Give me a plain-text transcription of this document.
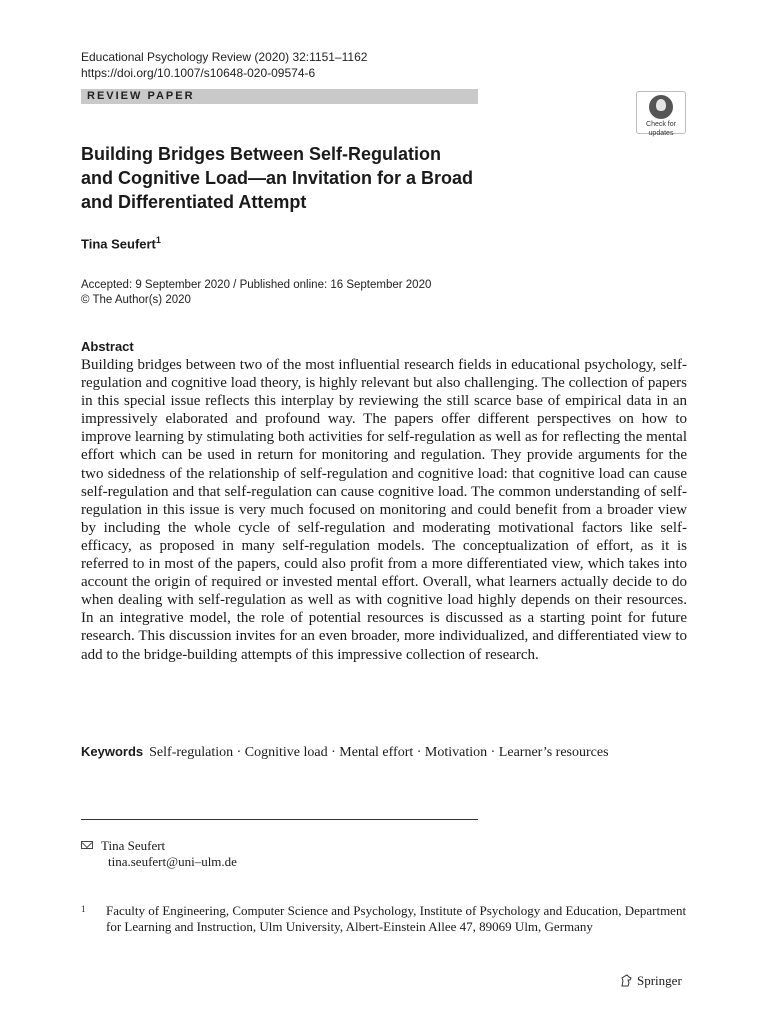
Educational Psychology Review (2020) 32:1151–1162
https://doi.org/10.1007/s10648-020-09574-6
REVIEW PAPER
Check for
updates
Building Bridges Between Self-Regulation
and Cognitive Load—an Invitation for a Broad
and Differentiated Attempt
Tina Seufert$^1$
Accepted: 9 September 2020 / Published online: 16 September 2020
© The Author(s) 2020
Abstract
Building bridges between two of the most influential research fields in educational psychology, self-regulation and cognitive load theory, is highly relevant but also challenging. The collection of papers in this special issue reflects this interplay by reviewing the still scarce base of empirical data in an impressively elaborated and profound way. The papers offer different perspectives on how to improve learning by stimulating both activities for self-regulation as well as for reflecting the mental effort which can be used in return for monitoring and regulation. They provide arguments for the two sidedness of the relationship of self-regulation and cognitive load: that cognitive load can cause self-regulation and that self-regulation can cause cognitive load. The common understanding of self-regulation in this issue is very much focused on monitoring and could benefit from a broader view by including the whole cycle of self-regulation and moderating motivational factors like self-efficacy, as proposed in many self-regulation models. The conceptualization of effort, as it is referred to in most of the papers, could also profit from a more differentiated view, which takes into account the origin of required or invested mental effort. Overall, what learners actually decide to do when dealing with self-regulation as well as with cognitive load highly depends on their resources. In an integrative model, the role of potential resources is discussed as a starting point for future research. This discussion invites for an even broader, more individualized, and differentiated view to add to the bridge-building attempts of this impressive collection of research.
Keywords Self-regulation · Cognitive load · Mental effort · Motivation · Learner’s resources
Tina Seufert
tina.seufert@uni–ulm.de
1	Faculty of Engineering, Computer Science and Psychology, Institute of Psychology and Education, Department for Learning and Instruction, Ulm University, Albert-Einstein Allee 47, 89069 Ulm, Germany
Springer
